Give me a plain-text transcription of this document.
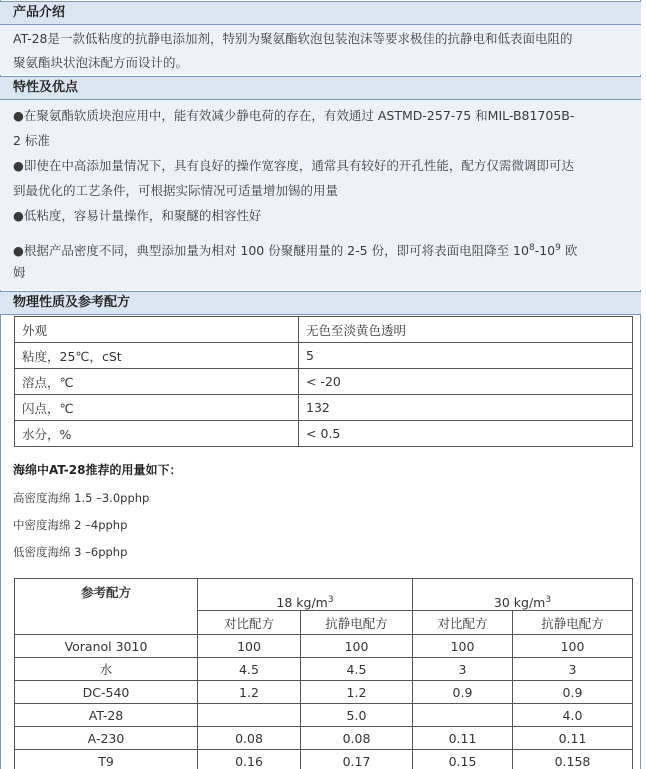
产品介绍
AT-28是一款低粘度的抗静电添加剂，特别为聚氨酯软泡包装泡沫等要求极佳的抗静电和低表面电阻的
聚氨酯块状泡沫配方而设计的。
特性及优点
●在聚氨酯软质块泡应用中，能有效减少静电荷的存在，有效通过 ASTMD-257-75 和MIL-B81705B-
2 标准
●即使在中高添加量情况下，具有良好的操作宽容度，通常具有较好的开孔性能，配方仅需微调即可达
到最优化的工艺条件，可根据实际情况可适量增加锡的用量
●低粘度，容易计量操作，和聚醚的相容性好
●根据产品密度不同，典型添加量为相对 100 份聚醚用量的 2-5 份，即可将表面电阻降至 $10^8-10^9$ 欧
姆
物理性质及参考配方
外观	无色至淡黄色透明
粘度，25℃，cSt	5
溶点，℃	< -20
闪点，℃	132
水分，%	< 0.5
海绵中AT-28推荐的用量如下：
高密度海绵 1.5 –3.0pphp
中密度海绵 2 –4pphp
低密度海绵 3 –6pphp
参考配方	18 $kg/m^3$		30 $kg/m^3$
	对比配方	抗静电配方	对比配方	抗静电配方
Voranol 3010	100	100	100	100
水	4.5	4.5	3	3
DC-540	1.2	1.2	0.9	0.9
AT-28		5.0		4.0
A-230	0.08	0.08	0.11	0.11
T9	0.16	0.17	0.15	0.158
